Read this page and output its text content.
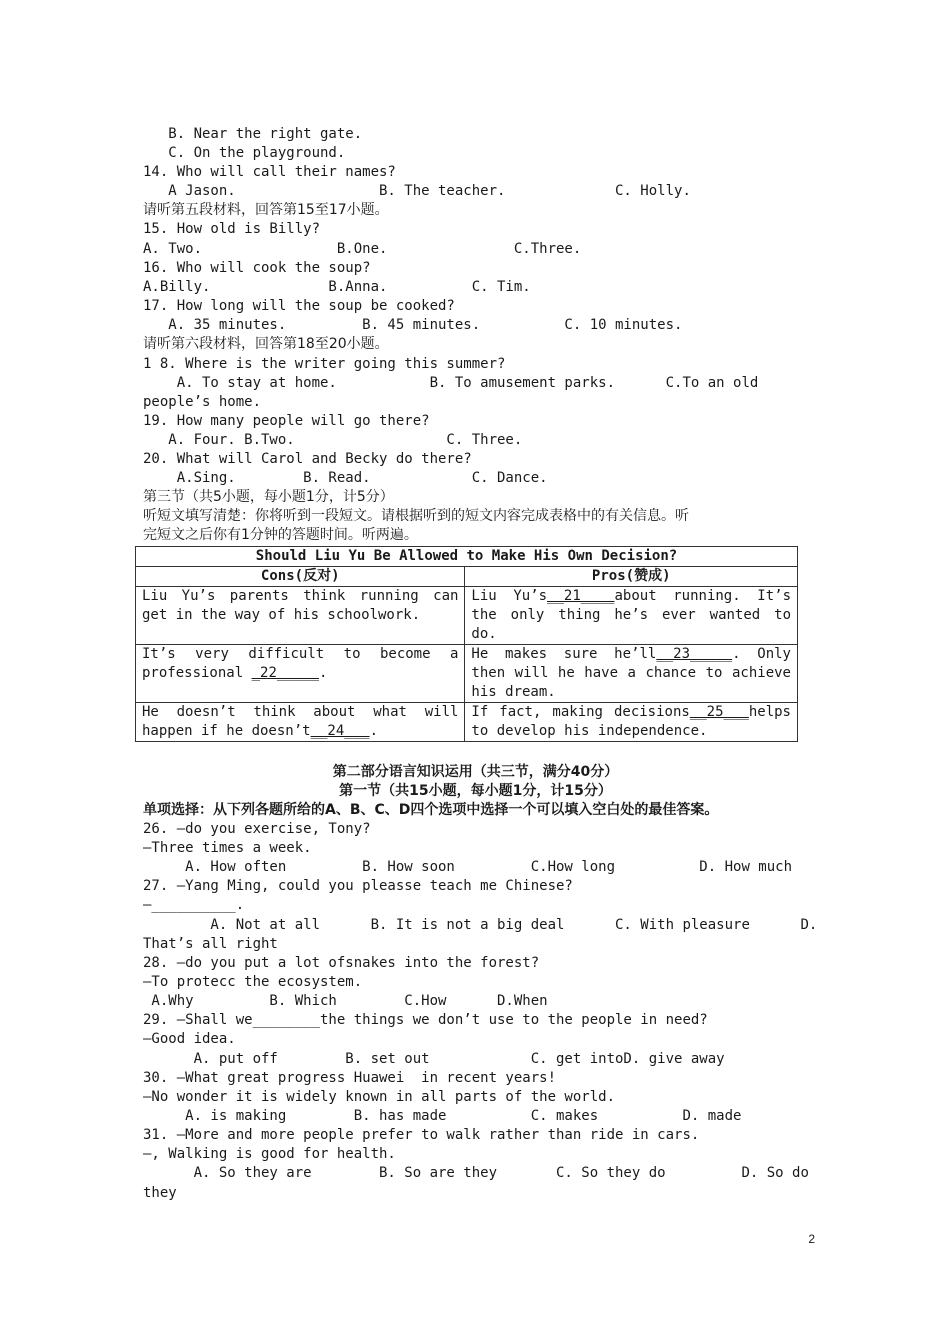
B. Near the right gate.
C. On the playground.
14. Who will call their names?
A Jason.                 B. The teacher.             C. Holly.
请听第五段材料，回答第15至17小题。
15. How old is Billy?
A. Two.                B.One.               C.Three.
16. Who will cook the soup?
A.Billy.              B.Anna.          C. Tim.
17. How long will the soup be cooked?
A. 35 minutes.         B. 45 minutes.          C. 10 minutes.
请听第六段材料，回答第18至20小题。
1 8. Where is the writer going this summer?
A. To stay at home.           B. To amusement parks.      C.To an old
people’s home.
19. How many people will go there?
A. Four. B.Two.                  C. Three.
20. What will Carol and Becky do there?
A.Sing.        B. Read.            C. Dance.
第三节（共5小题，每小题1分，计5分）
听短文填写清楚：你将听到一段短文。请根据听到的短文内容完成表格中的有关信息。听
完短文之后你有1分钟的答题时间。听两遍。
Should Liu Yu Be Allowed to Make His Own Decision?	
Cons(反对)	Pros(赞成)
Liu Yu’s parents think running can get in the way of his schoolwork.	Liu Yu’s__21____about running. It’s the only thing he’s ever wanted to do.
It’s very difficult to become a professional _22_____.	He makes sure he’ll__23_____. Only then will he have a chance to achieve his dream.
He doesn’t think about what will happen if he doesn’t__24___.	If fact, making decisions__25___helps to develop his independence.
第二部分语言知识运用（共三节，满分40分）
第一节（共15小题，每小题1分，计15分）
单项选择：从下列各题所给的A、B、C、D四个选项中选择一个可以填入空白处的最佳答案。
26. —do you exercise, Tony?
—Three times a week.
A. How often         B. How soon         C.How long          D. How much
27. —Yang Ming, could you pleasse teach me Chinese?
—__________.
A. Not at all      B. It is not a big deal      C. With pleasure      D.
That’s all right
28. —do you put a lot ofsnakes into the forest?
—To protecc the ecosystem.
A.Why         B. Which        C.How      D.When
29. —Shall we________the things we don’t use to the people in need?
—Good idea.
A. put off        B. set out            C. get intoD. give away
30. —What great progress Huawei  in recent years!
—No wonder it is widely known in all parts of the world.
A. is making        B. has made          C. makes          D. made
31. —More and more people prefer to walk rather than ride in cars.
—, Walking is good for health.
A. So they are        B. So are they       C. So they do         D. So do
they
2
